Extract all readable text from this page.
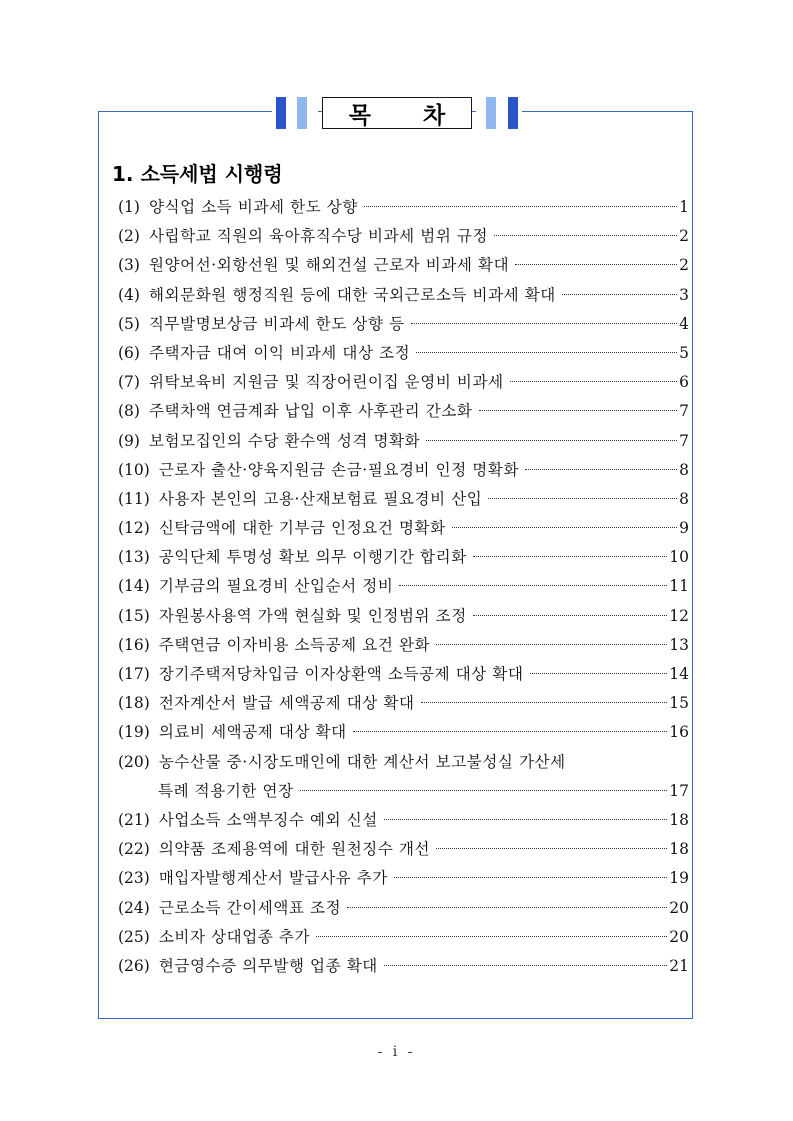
목 차
1. 소득세법 시행령
(1) 양식업 소득 비과세 한도 상향	1
(2) 사립학교 직원의 육아휴직수당 비과세 범위 규정	2
(3) 원양어선·외항선원 및 해외건설 근로자 비과세 확대	2
(4) 해외문화원 행정직원 등에 대한 국외근로소득 비과세 확대	3
(5) 직무발명보상금 비과세 한도 상향 등	4
(6) 주택자금 대여 이익 비과세 대상 조정	5
(7) 위탁보육비 지원금 및 직장어린이집 운영비 비과세	6
(8) 주택차액 연금계좌 납입 이후 사후관리 간소화	7
(9) 보험모집인의 수당 환수액 성격 명확화	7
(10) 근로자 출산·양육지원금 손금·필요경비 인정 명확화	8
(11) 사용자 본인의 고용·산재보험료 필요경비 산입	8
(12) 신탁금액에 대한 기부금 인정요건 명확화	9
(13) 공익단체 투명성 확보 의무 이행기간 합리화	10
(14) 기부금의 필요경비 산입순서 정비	11
(15) 자원봉사용역 가액 현실화 및 인정범위 조정	12
(16) 주택연금 이자비용 소득공제 요건 완화	13
(17) 장기주택저당차입금 이자상환액 소득공제 대상 확대	14
(18) 전자계산서 발급 세액공제 대상 확대	15
(19) 의료비 세액공제 대상 확대	16
(20) 농수산물 중·시장도매인에 대한 계산서 보고불성실 가산세
특례 적용기한 연장	17
(21) 사업소득 소액부징수 예외 신설	18
(22) 의약품 조제용역에 대한 원천징수 개선	18
(23) 매입자발행계산서 발급사유 추가	19
(24) 근로소득 간이세액표 조정	20
(25) 소비자 상대업종 추가	20
(26) 현금영수증 의무발행 업종 확대	21
- i -
